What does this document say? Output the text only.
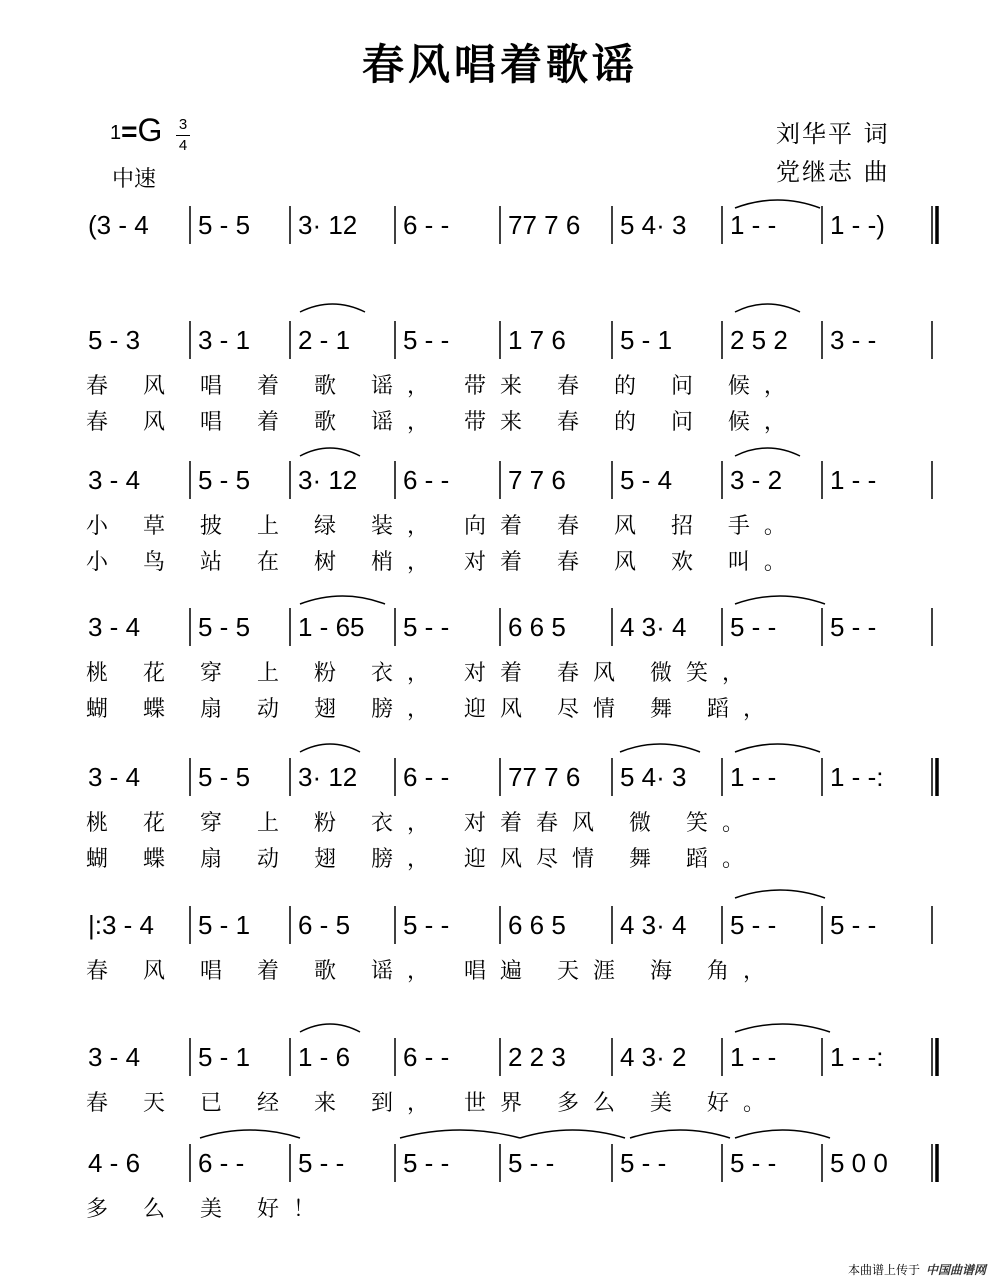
春风唱着歌谣
1=G 3
4
中速
刘华平 词
党继志 曲
(3 - 4 5 - 5 3· 12 6 - - 77 7 6 5 4· 3 1 - - 1 - -)
5 - 3 3 - 1 2 - 1 5 - - 1 7 6 5 - 1 2 5 2 3 - -
春 风 唱 着 歌 谣， 带来 春 的 问 候，
春 风 唱 着 歌 谣， 带来 春 的 问 候，
3 - 4 5 - 5 3· 12 6 - - 7 7 6 5 - 4 3 - 2 1 - -
小 草 披 上 绿 装， 向着 春 风 招 手。
小 鸟 站 在 树 梢， 对着 春 风 欢 叫。
3 - 4 5 - 5 1 - 65 5 - - 6 6 5 4 3· 4 5 - - 5 - -
桃 花 穿 上 粉 衣， 对着 春风 微笑，
蝴 蝶 扇 动 翅 膀， 迎风 尽情 舞 蹈，
3 - 4 5 - 5 3· 12 6 - - 77 7 6 5 4· 3 1 - - 1 - -:
桃 花 穿 上 粉 衣， 对着春风 微 笑。
蝴 蝶 扇 动 翅 膀， 迎风尽情 舞 蹈。
|:3 - 4 5 - 1 6 - 5 5 - - 6 6 5 4 3· 4 5 - - 5 - -
春 风 唱 着 歌 谣， 唱遍 天涯 海 角，
3 - 4 5 - 1 1 - 6 6 - - 2 2 3 4 3· 2 1 - - 1 - -:
春 天 已 经 来 到， 世界 多么 美 好。
4 - 6 6 - - 5 - - 5 - - 5 - -	5 - - 5 - - 5 0 0
多 么 美 好！
本曲谱上传于 中国曲谱网
